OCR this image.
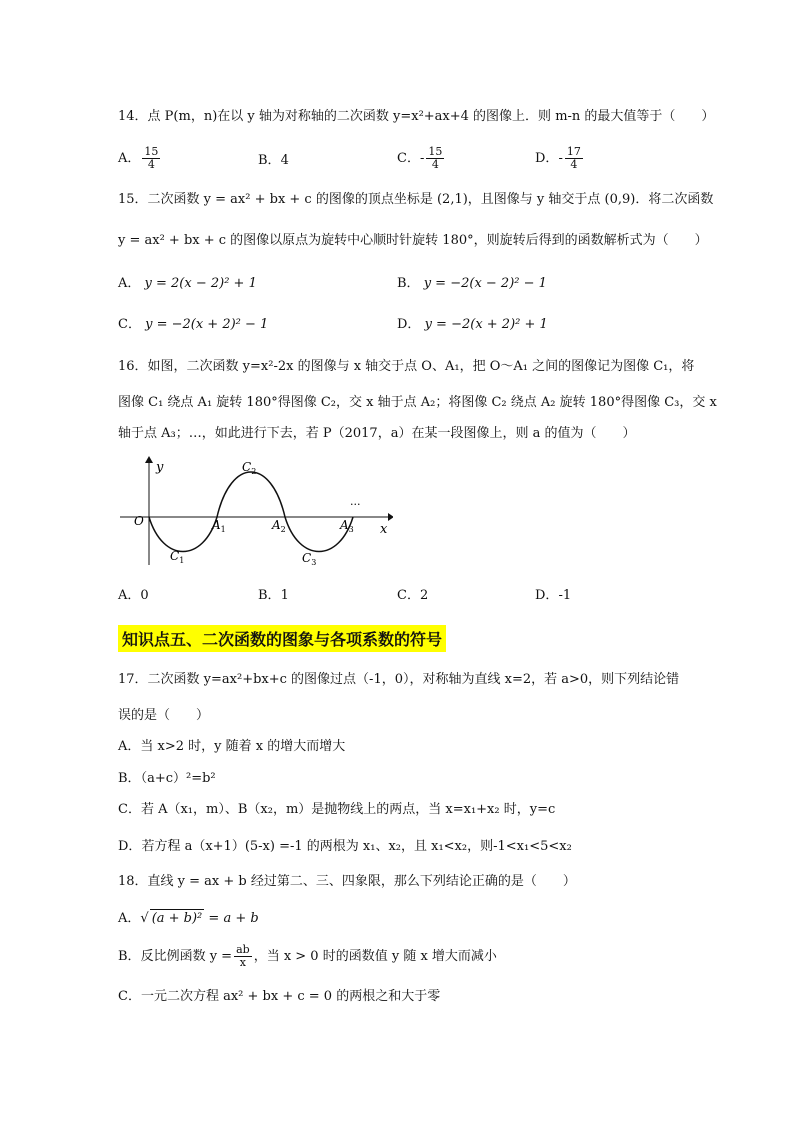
14．点 P(m，n)在以 y 轴为对称轴的二次函数 y=x²+ax+4 的图像上．则 m-n 的最大值等于（　　）
A． $\frac{15}{4}$	B．4	C．- $\frac{15}{4}$	D．- $\frac{17}{4}$
15．二次函数 y = ax² + bx + c 的图像的顶点坐标是 (2,1)，且图像与 y 轴交于点 (0,9)．将二次函数
y = ax² + bx + c 的图像以原点为旋转中心顺时针旋转 180°，则旋转后得到的函数解析式为（　　）
A． y = 2(x − 2)² + 1	B． y = −2(x − 2)² − 1
C． y = −2(x + 2)² − 1	D． y = −2(x + 2)² + 1
16．如图，二次函数 y=x²-2x 的图像与 x 轴交于点 O、A₁，把 O～A₁ 之间的图像记为图像 C₁，将
图像 C₁ 绕点 A₁ 旋转 180°得图像 C₂，交 x 轴于点 A₂；将图像 C₂ 绕点 A₂ 旋转 180°得图像 C₃，交 x
轴于点 A₃；…，如此进行下去，若 P（2017，a）在某一段图像上，则 a 的值为（　　）
y
x
O	$A_1$	$A_2$	$A_3$
$C_1$
$C_2$
$C_3$
...
A．0	B．1	C．2	D．-1
知识点五、二次函数的图象与各项系数的符号
17．二次函数 y=ax²+bx+c 的图像过点（-1，0），对称轴为直线 x=2，若 a>0，则下列结论错
误的是（　　）
A．当 x>2 时，y 随着 x 的增大而增大
B．（a+c）²=b²
C．若 A（x₁，m）、B（x₂，m）是抛物线上的两点，当 x=x₁+x₂ 时，y=c
D．若方程 a（x+1）(5-x) =-1 的两根为 x₁、x₂，且 x₁<x₂，则-1<x₁<5<x₂
18．直线 y = ax + b 经过第二、三、四象限，那么下列结论正确的是（　　）
A．√ (a + b)² = a + b
B．反比例函数 $y = \frac{ab}{x}$ ，当 x > 0 时的函数值 y 随 x 增大而减小
C．一元二次方程 ax² + bx + c = 0 的两根之和大于零
